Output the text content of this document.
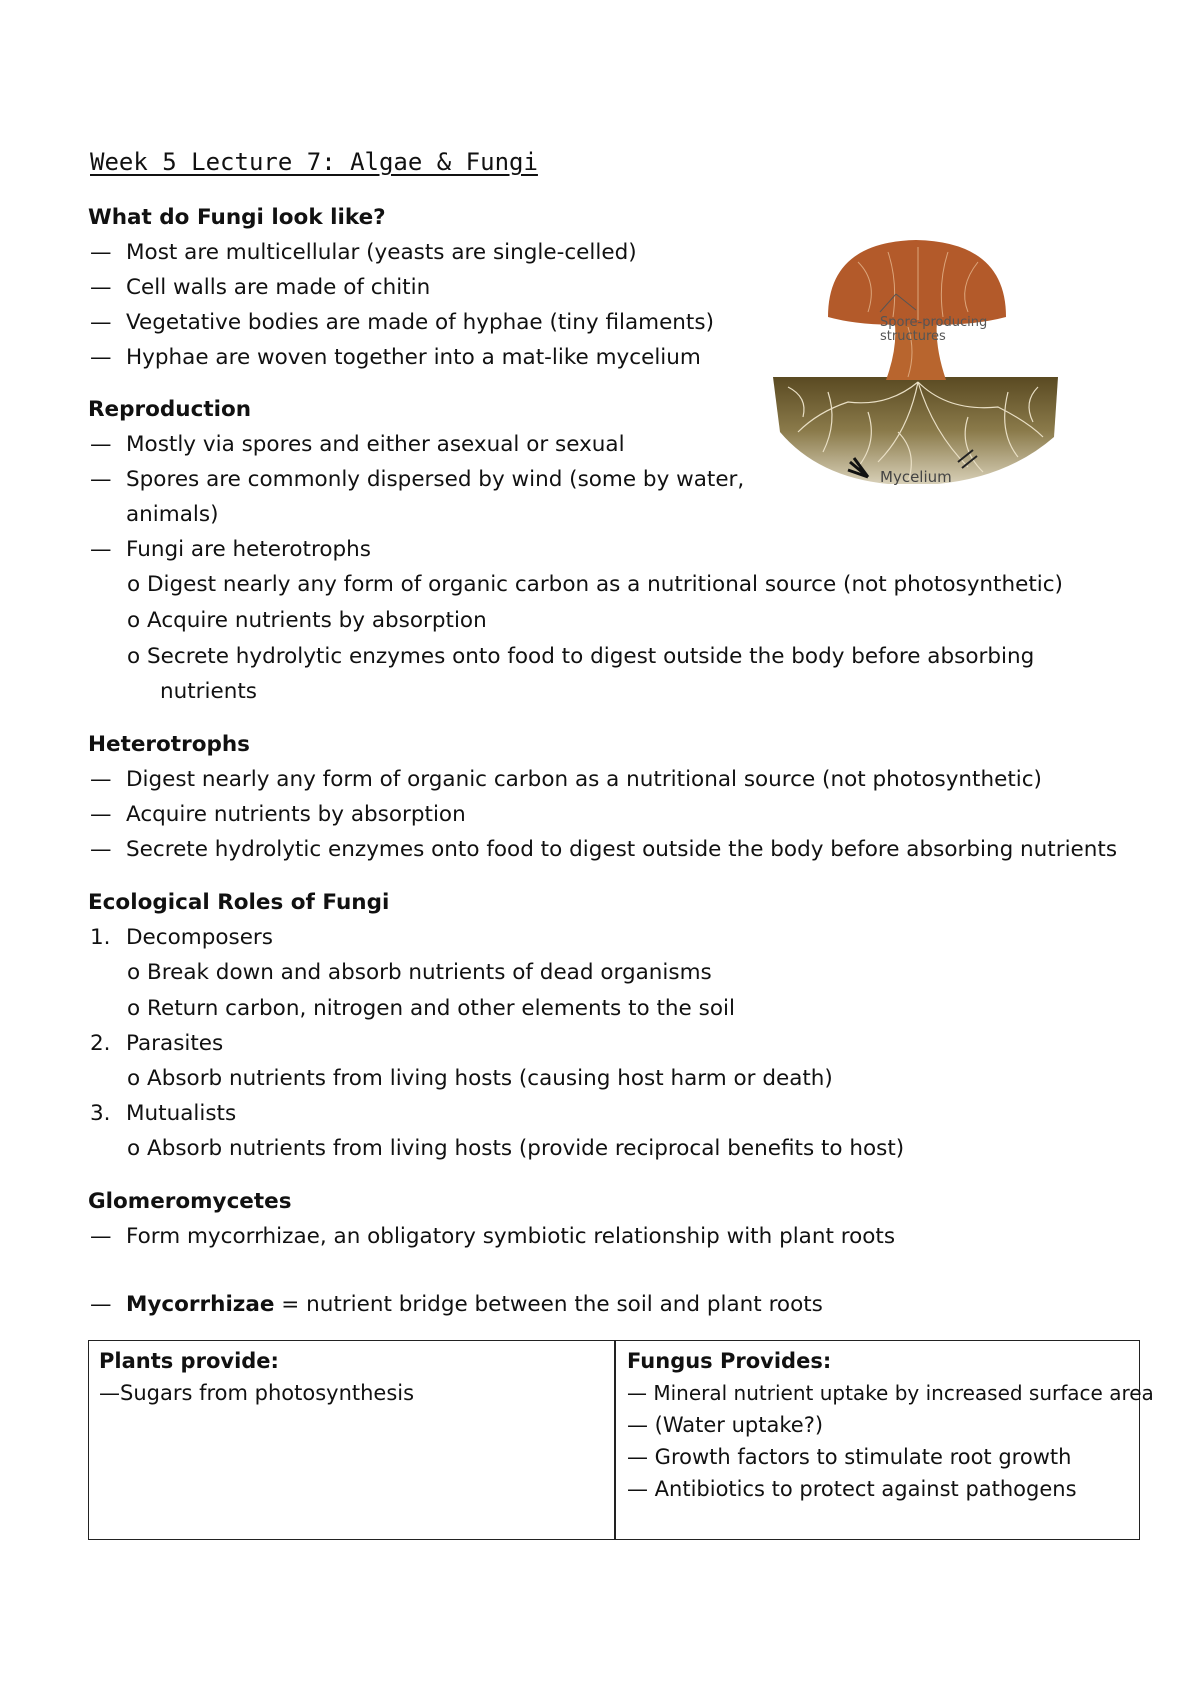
Week 5 Lecture 7: Algae & Fungi
What do Fungi look like?
— Most are multicellular (yeasts are single-celled)
— Cell walls are made of chitin
— Vegetative bodies are made of hyphae (tiny filaments)
— Hyphae are woven together into a mat-like mycelium
Spore-producing
structures
Mycelium
Reproduction
— Mostly via spores and either asexual or sexual
— Spores are commonly dispersed by wind (some by water,
animals)
— Fungi are heterotrophs
o Digest nearly any form of organic carbon as a nutritional source (not photosynthetic)
o Acquire nutrients by absorption
o Secrete hydrolytic enzymes onto food to digest outside the body before absorbing
nutrients
Heterotrophs
— Digest nearly any form of organic carbon as a nutritional source (not photosynthetic)
— Acquire nutrients by absorption
— Secrete hydrolytic enzymes onto food to digest outside the body before absorbing nutrients
Ecological Roles of Fungi
1. Decomposers
o Break down and absorb nutrients of dead organisms
o Return carbon, nitrogen and other elements to the soil
2. Parasites
o Absorb nutrients from living hosts (causing host harm or death)
3. Mutualists
o Absorb nutrients from living hosts (provide reciprocal benefits to host)
Glomeromycetes
— Form mycorrhizae, an obligatory symbiotic relationship with plant roots
— Mycorrhizae = nutrient bridge between the soil and plant roots
Plants provide:
—Sugars from photosynthesis
Fungus Provides:
— Mineral nutrient uptake by increased surface area
— (Water uptake?)
— Growth factors to stimulate root growth
— Antibiotics to protect against pathogens
